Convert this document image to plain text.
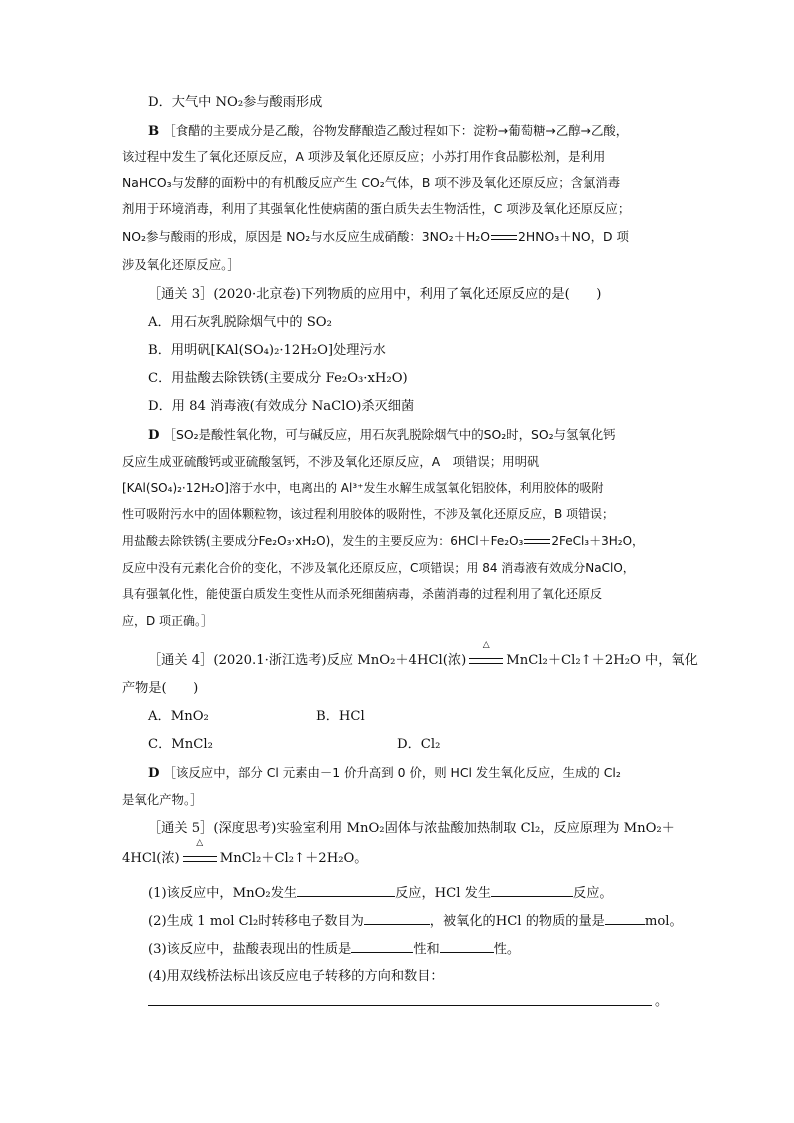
D．大气中 NO₂参与酸雨形成
B ［食醋的主要成分是乙酸，谷物发酵酿造乙酸过程如下：淀粉→葡萄糖→乙醇→乙酸，
该过程中发生了氧化还原反应，A 项涉及氧化还原反应；小苏打用作食品膨松剂，是利用
NaHCO₃与发酵的面粉中的有机酸反应产生 CO₂气体，B 项不涉及氧化还原反应；含氯消毒
剂用于环境消毒，利用了其强氧化性使病菌的蛋白质失去生物活性，C 项涉及氧化还原反应；
NO₂参与酸雨的形成，原因是 NO₂与水反应生成硝酸：3NO₂＋H₂O 2HNO₃＋NO，D 项
涉及氧化还原反应。］
［通关 3］(2020·北京卷)下列物质的应用中，利用了氧化还原反应的是(　　)
A．用石灰乳脱除烟气中的 SO₂
B．用明矾[KAl(SO₄)₂·12H₂O]处理污水
C．用盐酸去除铁锈(主要成分 Fe₂O₃·xH₂O)
D．用 84 消毒液(有效成分 NaClO)杀灭细菌
D ［SO₂是酸性氧化物，可与碱反应，用石灰乳脱除烟气中的SO₂时，SO₂与氢氧化钙
反应生成亚硫酸钙或亚硫酸氢钙，不涉及氧化还原反应，A　项错误；用明矾
[KAl(SO₄)₂·12H₂O]溶于水中，电离出的 Al³⁺发生水解生成氢氧化铝胶体，利用胶体的吸附
性可吸附污水中的固体颗粒物，该过程利用胶体的吸附性，不涉及氧化还原反应，B 项错误；
用盐酸去除铁锈(主要成分Fe₂O₃·xH₂O)，发生的主要反应为：6HCl＋Fe₂O₃ 2FeCl₃＋3H₂O，
反应中没有元素化合价的变化，不涉及氧化还原反应，C项错误；用 84 消毒液有效成分NaClO，
具有强氧化性，能使蛋白质发生变性从而杀死细菌病毒，杀菌消毒的过程利用了氧化还原反
应，D 项正确。］
［通关 4］(2020.1·浙江选考)反应 MnO₂＋4HCl(浓)
△
MnCl₂＋Cl₂↑＋2H₂O 中，氧化
产物是(　　)
A．MnO₂	B．HCl
C．MnCl₂	D．Cl₂
D ［该反应中，部分 Cl 元素由－1 价升高到 0 价，则 HCl 发生氧化反应，生成的 Cl₂
是氧化产物。］
［通关 5］(深度思考)实验室利用 MnO₂固体与浓盐酸加热制取 Cl₂，反应原理为 MnO₂＋
4HCl(浓)
△
MnCl₂＋Cl₂↑＋2H₂O。
(1)该反应中，MnO₂发生	反应，HCl 发生	反应。
(2)生成 1 mol Cl₂时转移电子数目为	，被氧化的HCl 的物质的量是	mol。
(3)该反应中，盐酸表现出的性质是	性和	性。
(4)用双线桥法标出该反应电子转移的方向和数目：
。
